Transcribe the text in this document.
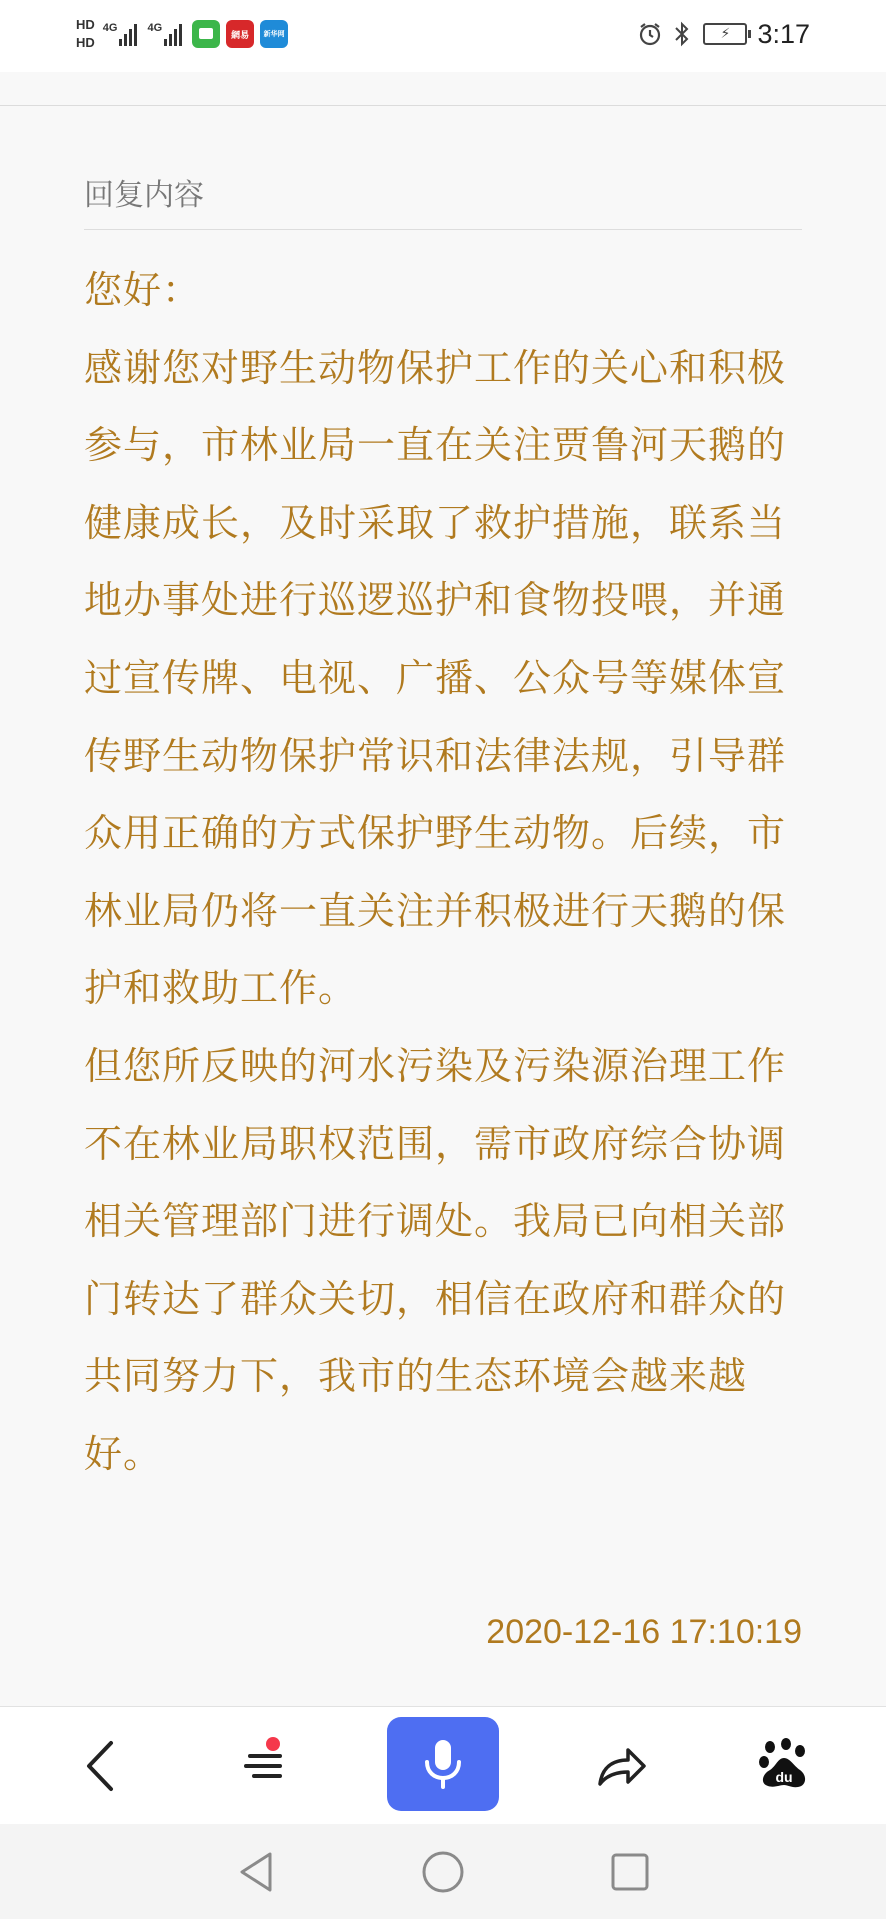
HD
HD
4G	4G
網易 新华网	⚡ 3:17
回复内容

您好：

感谢您对野生动物保护工作的关心和积极参与，市林业局一直在关注贾鲁河天鹅的健康成长，及时采取了救护措施，联系当地办事处进行巡逻巡护和食物投喂，并通过宣传牌、电视、广播、公众号等媒体宣传野生动物保护常识和法律法规，引导群众用正确的方式保护野生动物。后续，市林业局仍将一直关注并积极进行天鹅的保护和救助工作。

但您所反映的河水污染及污染源治理工作不在林业局职权范围，需市政府综合协调相关管理部门进行调处。我局已向相关部门转达了群众关切，相信在政府和群众的共同努力下，我市的生态环境会越来越好。

2020-12-16 17:10:19
du
